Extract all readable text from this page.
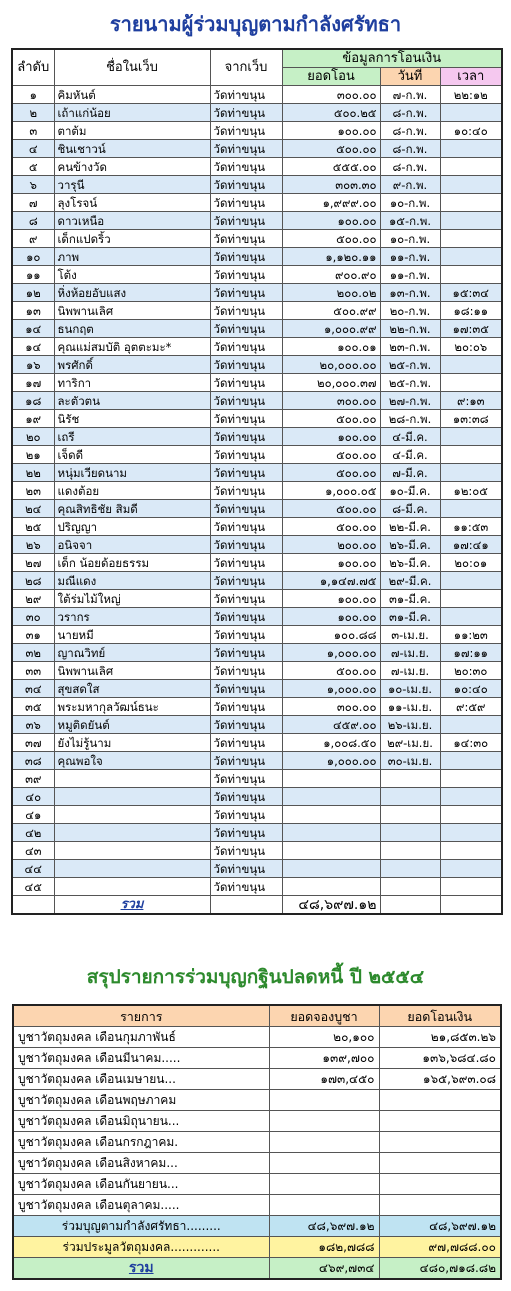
รายนามผู้ร่วมบุญตามกำลังศรัทธา
ลำดับ	ชื่อในเว็บ	จากเว็บ	ข้อมูลการโอนเงิน		
			ยอดโอน	วันที่	เวลา
๑	คิมหันต์	วัดท่าขนุน	๓๐๐.๐๐	๗-ก.พ.	๒๒:๑๒
๒	เถ้าแก่น้อย	วัดท่าขนุน	๕๐๐.๒๕	๘-ก.พ.	
๓	ตาต้ม	วัดท่าขนุน	๑๐๐.๐๐	๘-ก.พ.	๑๐:๔๐
๔	ชินเชาวน์	วัดท่าขนุน	๕๐๐.๐๐	๘-ก.พ.	
๕	คนข้างวัด	วัดท่าขนุน	๕๕๕.๐๐	๘-ก.พ.	
๖	วารุนี	วัดท่าขนุน	๓๐๓.๓๐	๙-ก.พ.	
๗	ลุงโรจน์	วัดท่าขนุน	๑,๙๙๙.๐๐	๑๐-ก.พ.	
๘	ดาวเหนือ	วัดท่าขนุน	๑๐๐.๐๐	๑๕-ก.พ.	
๙	เด็กแปดริ้ว	วัดท่าขนุน	๕๐๐.๐๐	๑๐-ก.พ.	
๑๐	ภาพ	วัดท่าขนุน	๑,๑๒๐.๑๑	๑๑-ก.พ.	
๑๑	โต้ง	วัดท่าขนุน	๙๐๐.๙๐	๑๑-ก.พ.	
๑๒	หิ่งห้อยอับแสง	วัดท่าขนุน	๒๐๐.๐๒	๑๓-ก.พ.	๑๕:๓๔
๑๓	นิพพานเลิศ	วัดท่าขนุน	๕๐๐.๙๙	๒๐-ก.พ.	๑๘:๑๑
๑๔	ธนกฤต	วัดท่าขนุน	๑,๐๐๐.๙๙	๒๒-ก.พ.	๑๗:๓๕
๑๔	คุณแม่สมบัติ อุตตะมะ*	วัดท่าขนุน	๑๐๐.๐๑	๒๓-ก.พ.	๒๐:๐๖
๑๖	พรศักดิ์	วัดท่าขนุน	๒๐,๐๐๐.๐๐	๒๕-ก.พ.	
๑๗	ทาริกา	วัดท่าขนุน	๒๐,๐๐๐.๓๗	๒๕-ก.พ.	
๑๘	ละตัวตน	วัดท่าขนุน	๓๐๐.๐๐	๒๗-ก.พ.	๙:๑๓
๑๙	นิรัช	วัดท่าขนุน	๕๐๐.๐๐	๒๘-ก.พ.	๑๓:๓๘
๒๐	เถรี	วัดท่าขนุน	๑๐๐.๐๐	๔-มี.ค.	
๒๑	เจ็ดดี	วัดท่าขนุน	๕๐๐.๐๐	๔-มี.ค.	
๒๒	หนุ่มเวียดนาม	วัดท่าขนุน	๕๐๐.๐๐	๗-มี.ค.	
๒๓	แดงต้อย	วัดท่าขนุน	๑,๐๐๐.๐๕	๑๐-มี.ค.	๑๒:๐๕
๒๔	คุณสิทธิชัย สิมดี	วัดท่าขนุน	๕๐๐.๐๐	๘-มี.ค.	
๒๕	ปริญญา	วัดท่าขนุน	๕๐๐.๐๐	๒๒-มี.ค.	๑๑:๕๓
๒๖	อนิจจา	วัดท่าขนุน	๒๐๐.๐๐	๒๖-มี.ค.	๑๗:๔๑
๒๗	เด็ก น้อยด้อยธรรม	วัดท่าขนุน	๑๐๐.๐๐	๒๖-มี.ค.	๒๐:๐๑
๒๘	มณีแดง	วัดท่าขนุน	๑,๑๔๗.๗๕	๒๙-มี.ค.	
๒๙	ใต้ร่มไม้ใหญ่	วัดท่าขนุน	๑๐๐.๐๐	๓๑-มี.ค.	
๓๐	วรากร	วัดท่าขนุน	๑๐๐.๐๐	๓๑-มี.ค.	
๓๑	นายหมี	วัดท่าขนุน	๑๐๐.๘๘	๓-เม.ย.	๑๑:๒๓
๓๒	ญาณวิทย์	วัดท่าขนุน	๑,๐๐๐.๐๐	๗-เม.ย.	๑๗:๑๑
๓๓	นิพพานเลิศ	วัดท่าขนุน	๕๐๐.๐๐	๗-เม.ย.	๒๐:๓๐
๓๔	สุขสดใส	วัดท่าขนุน	๑,๐๐๐.๐๐	๑๐-เม.ย.	๑๐:๔๐
๓๕	พระมหากุลวัฒน์ธนะ	วัดท่าขนุน	๓๐๐.๐๐	๑๑-เม.ย.	๙:๕๙
๓๖	หมูติดยันต์	วัดท่าขนุน	๔๕๙.๐๐	๒๖-เม.ย.	
๓๗	ยังไม่รู้นาม	วัดท่าขนุน	๑,๐๐๘.๕๐	๒๙-เม.ย.	๑๔:๓๐
๓๘	คุณพอใจ	วัดท่าขนุน	๑,๐๐๐.๐๐	๓๐-เม.ย.	
๓๙		วัดท่าขนุน			
๔๐		วัดท่าขนุน			
๔๑		วัดท่าขนุน			
๔๒		วัดท่าขนุน			
๔๓		วัดท่าขนุน			
๔๔		วัดท่าขนุน			
๔๕		วัดท่าขนุน			
	รวม		๔๘,๖๙๗.๑๒		
สรุปรายการร่วมบุญกฐินปลดหนี้ ปี ๒๕๕๔
รายการ	ยอดจองบูชา	ยอดโอนเงิน
บูชาวัตถุมงคล เดือนกุมภาพันธ์	๒๐,๑๐๐	๒๑,๘๕๓.๒๖
บูชาวัตถุมงคล เดือนมีนาคม.....	๑๓๙,๗๐๐	๑๓๖,๖๘๔.๘๐
บูชาวัตถุมงคล เดือนเมษายน...	๑๗๓,๔๕๐	๑๖๕,๖๙๓.๐๘
บูชาวัตถุมงคล เดือนพฤษภาคม		
บูชาวัตถุมงคล เดือนมิถุนายน...		
บูชาวัตถุมงคล เดือนกรกฎาคม.		
บูชาวัตถุมงคล เดือนสิงหาคม...		
บูชาวัตถุมงคล เดือนกันยายน...		
บูชาวัตถุมงคล เดือนตุลาคม.....		
ร่วมบุญตามกำลังศรัทธา.........	๔๘,๖๙๗.๑๒	๔๘,๖๙๗.๑๒
ร่วมประมูลวัตถุมงคล.............	๑๘๒,๗๘๘	๙๗,๗๘๘.๐๐
รวม	๔๖๙,๗๓๔	๔๘๐,๗๑๘.๘๒
